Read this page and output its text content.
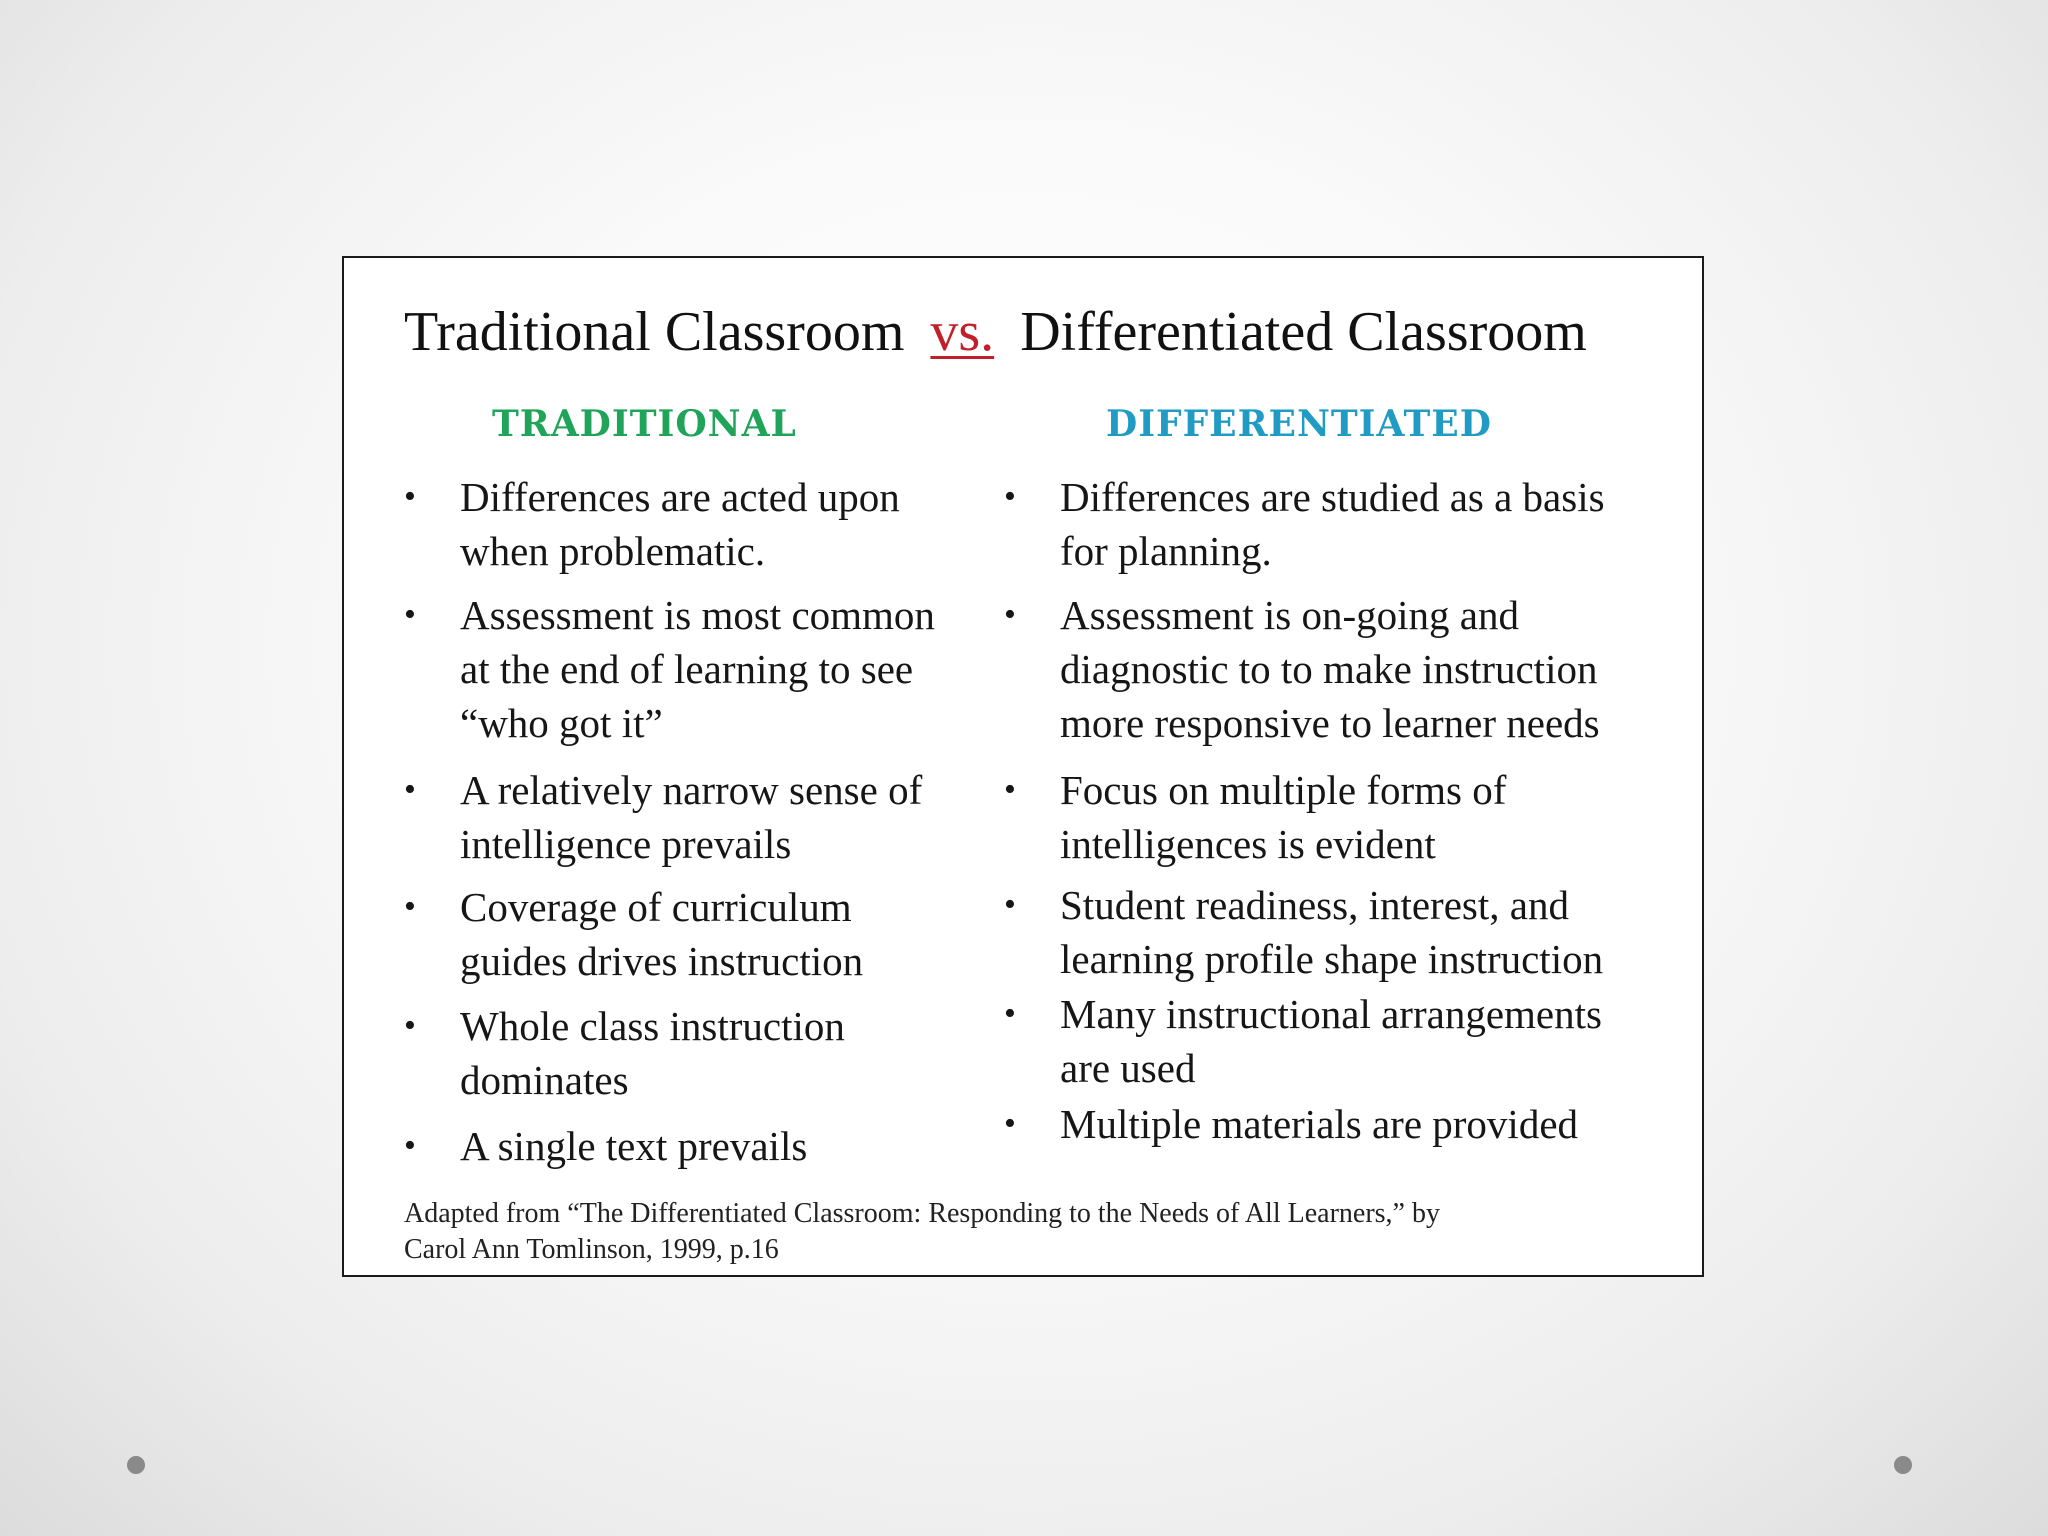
Traditional Classroom vs. Differentiated Classroom
TRADITIONAL	DIFFERENTIATED
• Differences are acted upon
when problematic.
• Assessment is most common
at the end of learning to see
“who got it”
• A relatively narrow sense of
intelligence prevails
• Coverage of curriculum
guides drives instruction
• Whole class instruction
dominates
• A single text prevails
• Differences are studied as a basis
for planning.
• Assessment is on-going and
diagnostic to to make instruction
more responsive to learner needs
• Focus on multiple forms of
intelligences is evident
• Student readiness, interest, and
learning profile shape instruction
• Many instructional arrangements
are used
• Multiple materials are provided
Adapted from “The Differentiated Classroom: Responding to the Needs of All Learners,” by
Carol Ann Tomlinson, 1999, p.16
